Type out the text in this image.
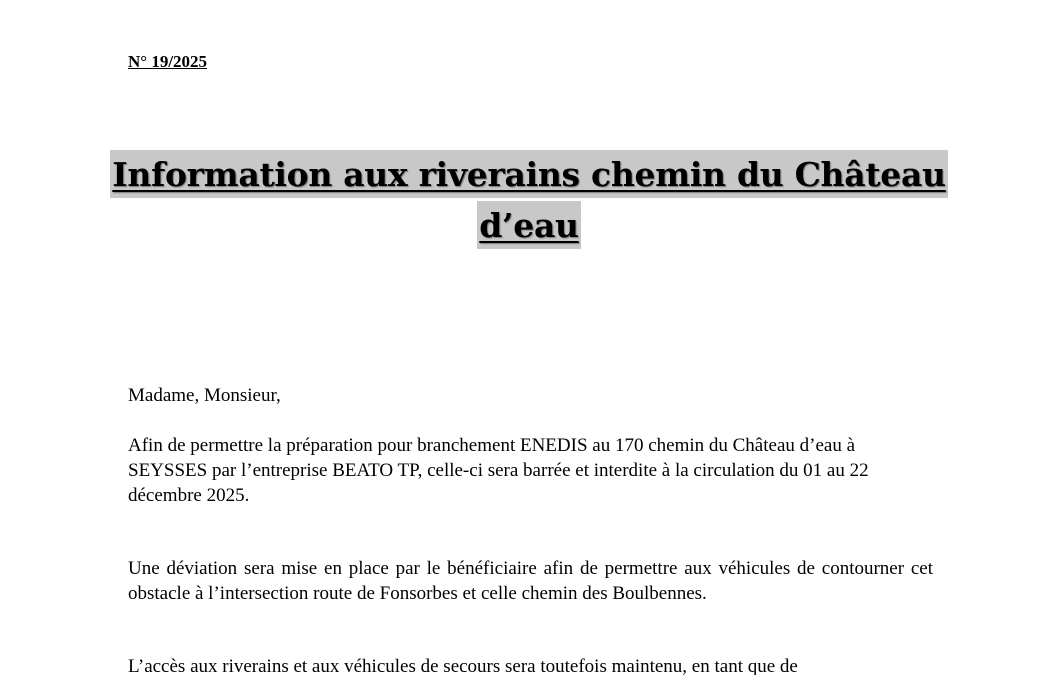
N° 19/2025

Information aux riverains chemin du Château
d’eau

Madame, Monsieur,

Afin de permettre la préparation pour branchement ENEDIS au 170 chemin du Château d’eau à SEYSSES par l’entreprise BEATO TP, celle-ci sera barrée et interdite à la circulation du 01 au 22 décembre 2025.

Une déviation sera mise en place par le bénéficiaire afin de permettre aux véhicules de contourner cet obstacle à l’intersection route de Fonsorbes et celle chemin des Boulbennes.

L’accès aux riverains et aux véhicules de secours sera toutefois maintenu, en tant que de
